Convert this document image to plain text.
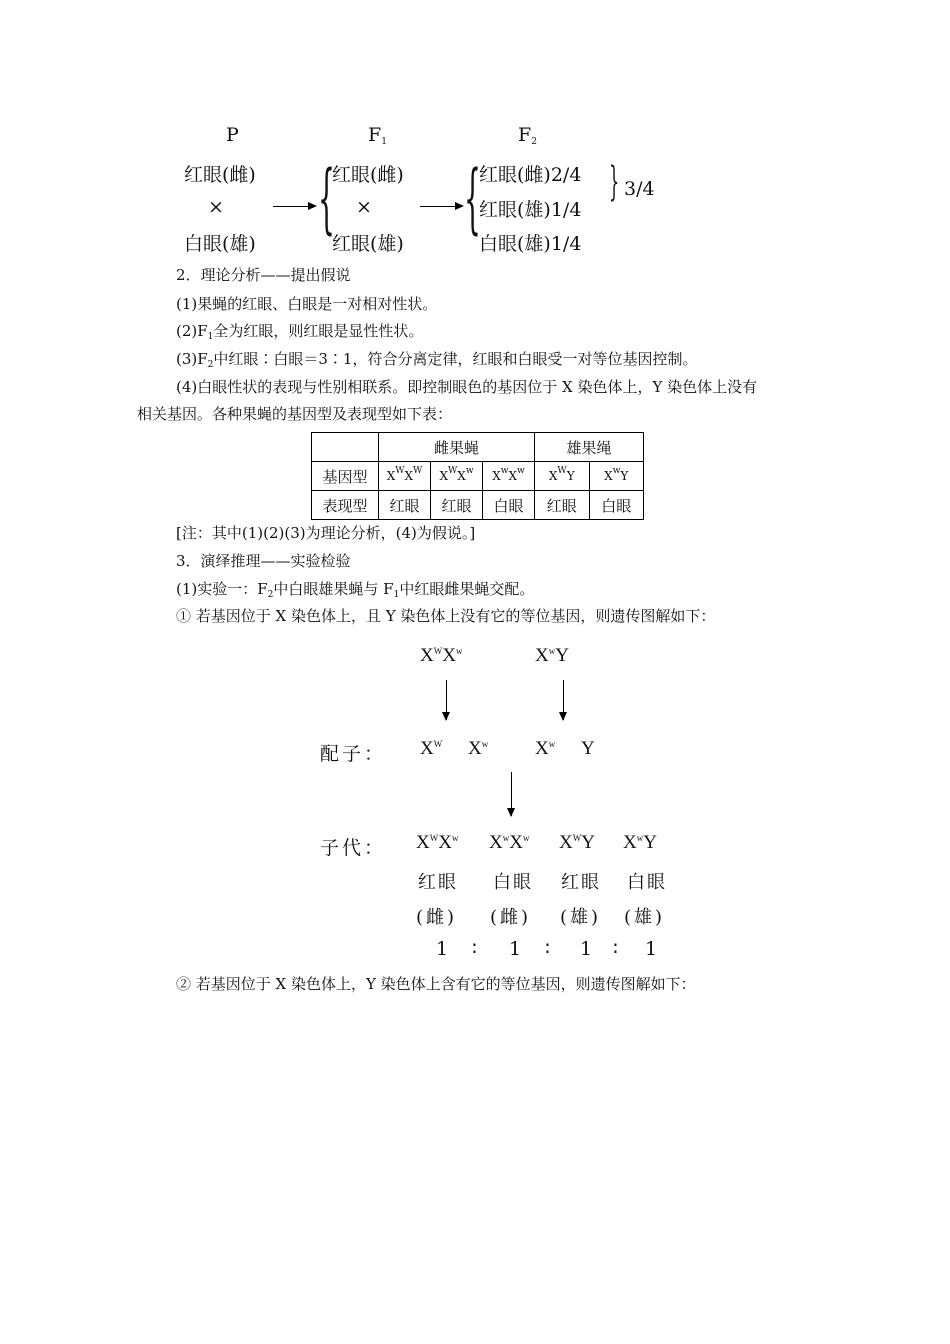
P	$F_1$	$F_2$
红眼(雌)
×
白眼(雄)
{
红眼(雌)
×
红眼(雄)
{
红眼(雌)2/4
红眼(雄)1/4
白眼(雄)1/4
} 3/4
2．理论分析——提出假说
(1)果蝇的红眼、白眼是一对相对性状。
$(2)F_1$全为红眼，则红眼是显性性状。
$(3)F_2$中红眼∶白眼＝3∶1，符合分离定律，红眼和白眼受一对等位基因控制。
(4)白眼性状的表现与性别相联系。即控制眼色的基因位于 X 染色体上，Y 染色体上没有
相关基因。各种果蝇的基因型及表现型如下表：
	雌果蝇			雄果绳	
基因型	$X^WX^W$	$X^WX^w$	$X^wX^w$	$X^WY$	$X^wY$
表现型	红眼	红眼	白眼	红眼	白眼
[注：其中(1)(2)(3)为理论分析，(4)为假说。]
3．演绎推理——实验检验
(1)实验一：$F_2$中白眼雄果蝇与 $F_1$中红眼雌果蝇交配。
① 若基因位于 X 染色体上，且 Y 染色体上没有它的等位基因，则遗传图解如下：
$X^WX^w$	$X^wY$
配子： $X^W$ $X^w$ $X^w$ Y
子代： $X^WX^w$ $X^wX^w$ $X^WY$ $X^wY$
红眼 白眼 红眼 白眼
(雌) (雌) (雄) (雄)
1 ∶ 1 ∶ 1 ∶ 1
② 若基因位于 X 染色体上，Y 染色体上含有它的等位基因，则遗传图解如下：
